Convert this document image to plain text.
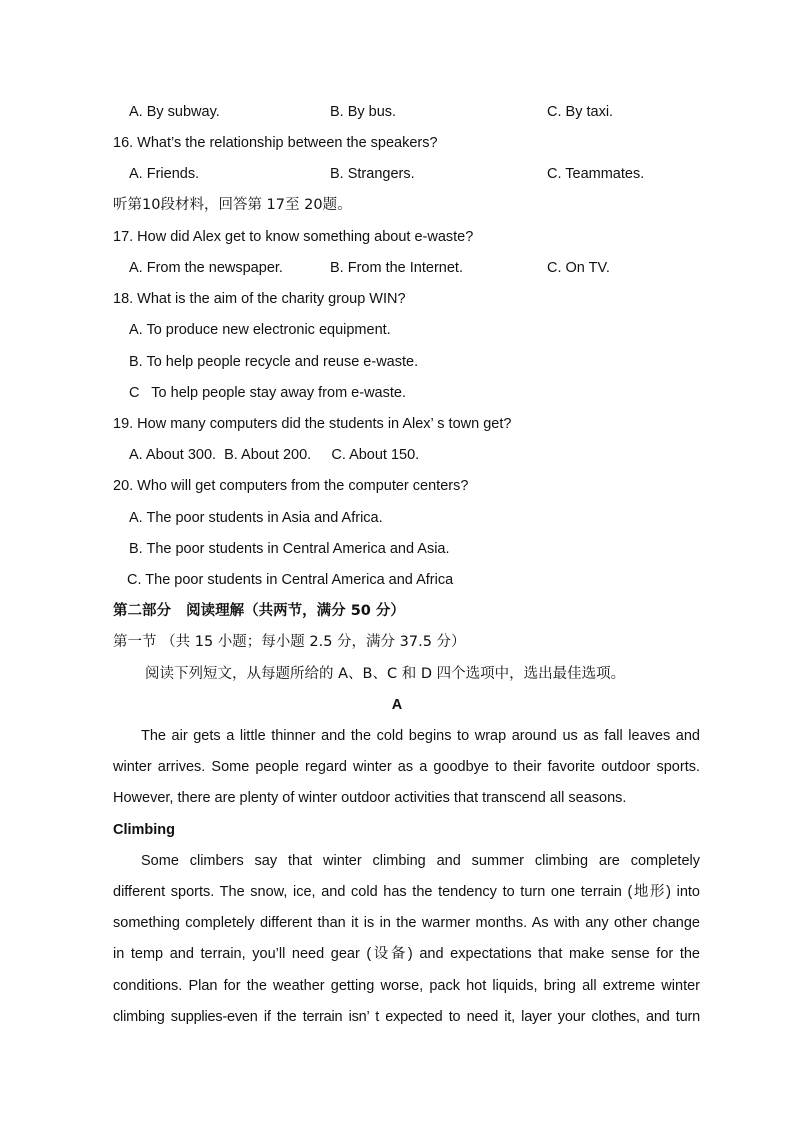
A. By subway.	B. By bus.	C. By taxi.
16. What’s the relationship between the speakers?
A. Friends.	B. Strangers.	C. Teammates.
听第10段材料，回答第 17至 20题。
17. How did Alex get to know something about e-waste?
A. From the newspaper.	B. From the Internet.	C. On TV.
18. What is the aim of the charity group WIN?
A. To produce new electronic equipment.
B. To help people recycle and reuse e-waste.
C   To help people stay away from e-waste.
19. How many computers did the students in Alex’ s town get?
A. About 300.  B. About 200.     C. About 150.
20. Who will get computers from the computer centers?
A. The poor students in Asia and Africa.
B. The poor students in Central America and Asia.
C. The poor students in Central America and Africa
第二部分   阅读理解（共两节，满分 50 分）
第一节 （共 15 小题；每小题 2.5 分，满分 37.5 分）
阅读下列短文，从每题所给的 A、B、C 和 D 四个选项中，选出最佳选项。
A
The air gets a little thinner and the cold begins to wrap around us as fall leaves and
winter arrives. Some people regard winter as a goodbye to their favorite outdoor sports.
However, there are plenty of winter outdoor activities that transcend all seasons.
Climbing
Some climbers say that winter climbing and summer climbing are completely
different sports. The snow, ice, and cold has the tendency to turn one terrain (地形) into
something completely different than it is in the warmer months. As with any other change
in temp and terrain, you’ll need gear (设备) and expectations that make sense for the
conditions. Plan for the weather getting worse, pack hot liquids, bring all extreme winter
climbing supplies-even if the terrain isn’ t expected to need it, layer your clothes, and turn
